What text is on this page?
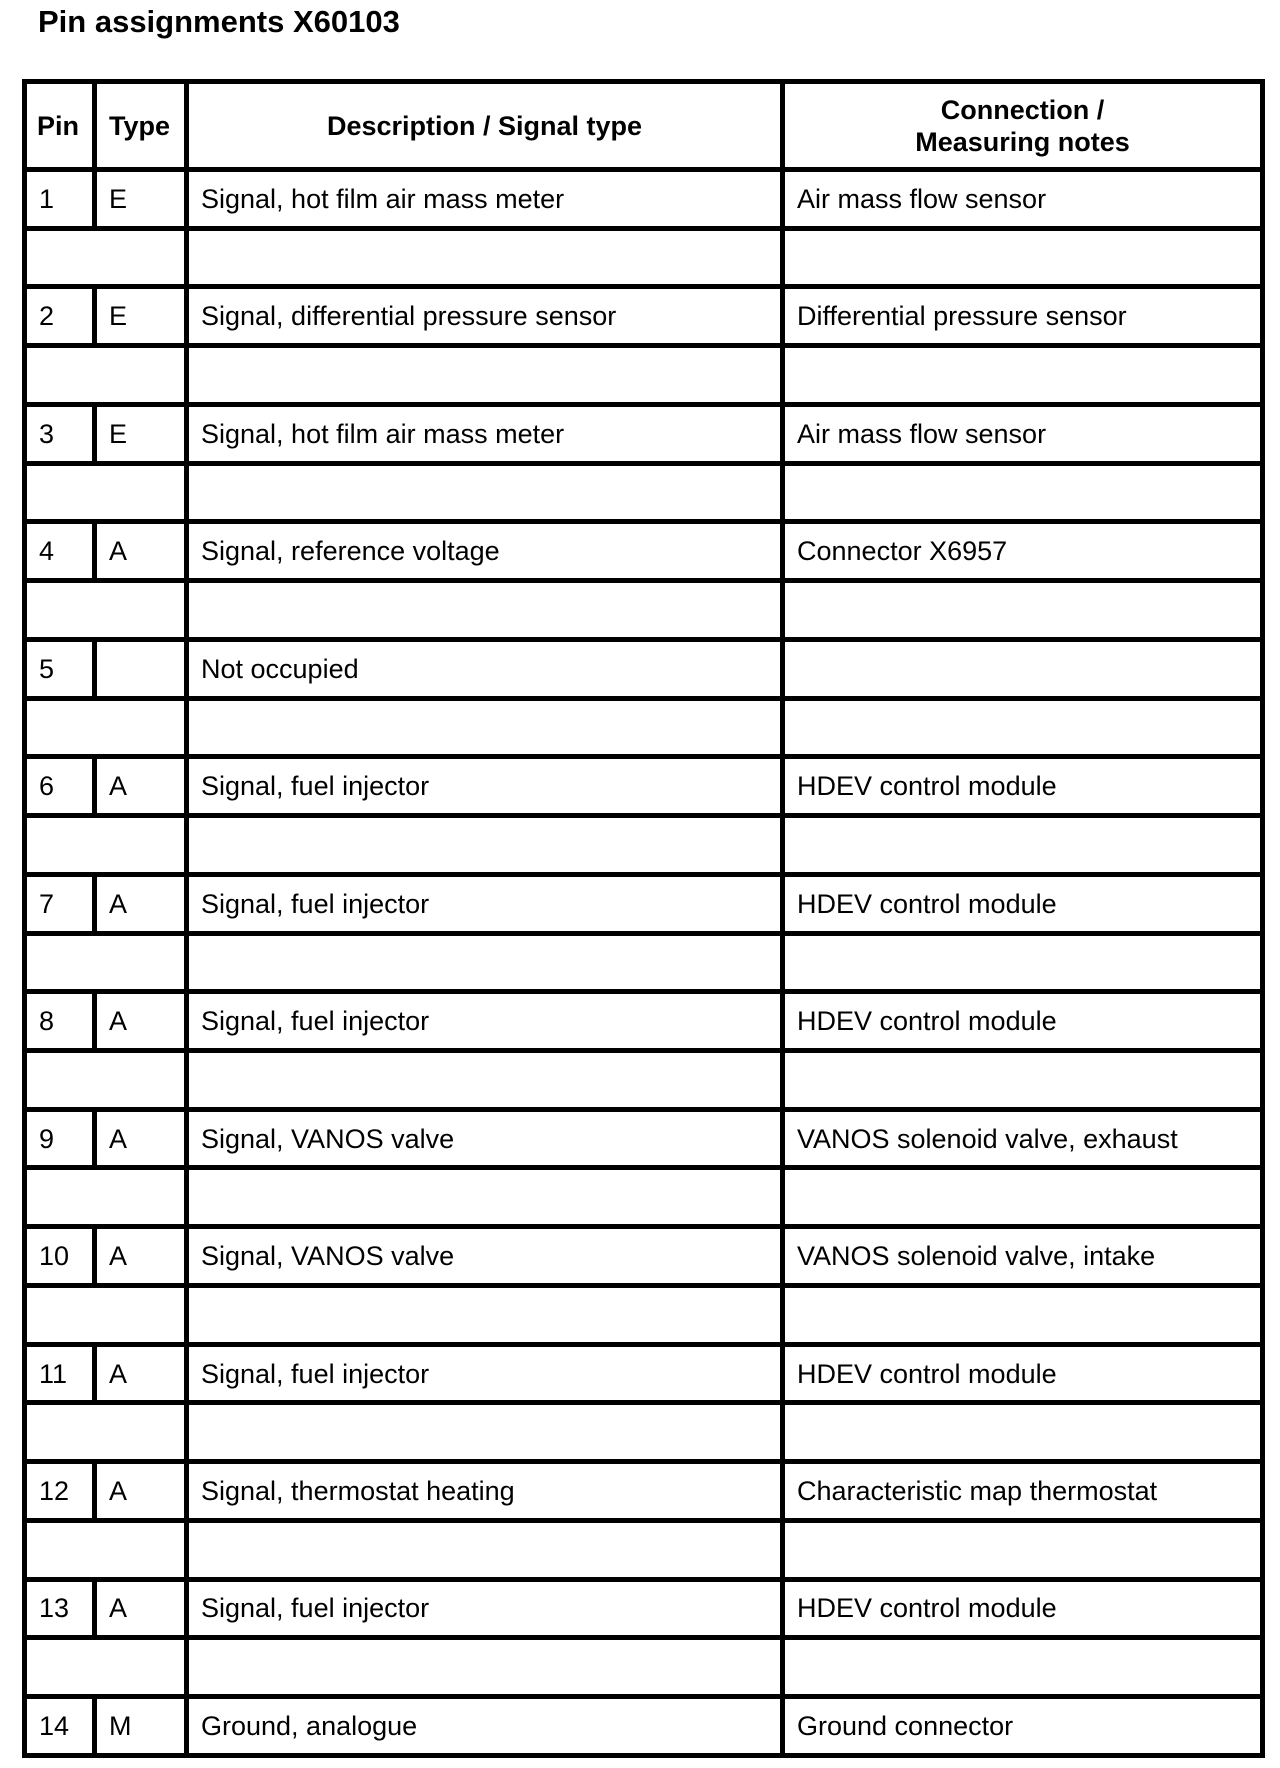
Pin assignments X60103
Pin	Type	Description / Signal type	Connection /
Measuring notes
1	E	Signal, hot film air mass meter	Air mass flow sensor

2	E	Signal, differential pressure sensor	Differential pressure sensor

3	E	Signal, hot film air mass meter	Air mass flow sensor

4	A	Signal, reference voltage	Connector X6957

5		Not occupied	

6	A	Signal, fuel injector	HDEV control module

7	A	Signal, fuel injector	HDEV control module

8	A	Signal, fuel injector	HDEV control module

9	A	Signal, VANOS valve	VANOS solenoid valve, exhaust

10	A	Signal, VANOS valve	VANOS solenoid valve, intake

11	A	Signal, fuel injector	HDEV control module

12	A	Signal, thermostat heating	Characteristic map thermostat

13	A	Signal, fuel injector	HDEV control module

14	M	Ground, analogue	Ground connector
